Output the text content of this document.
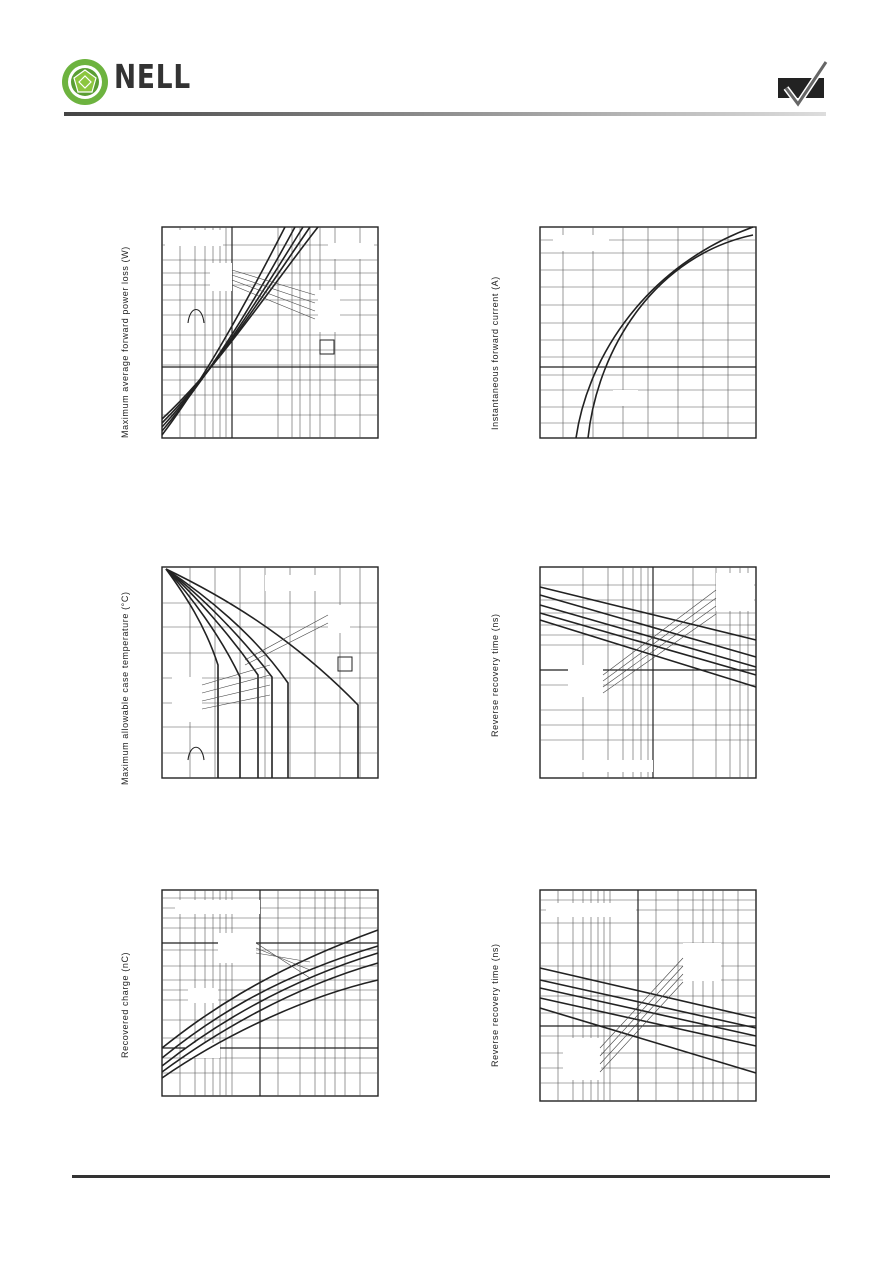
NELL
Maximum average forward power loss (W)	Instantaneous forward current (A)
Maximum allowable case temperature (°C)	Reverse recovery time (ns)
Recovered charge (nC)	Reverse recovery time (ns)
